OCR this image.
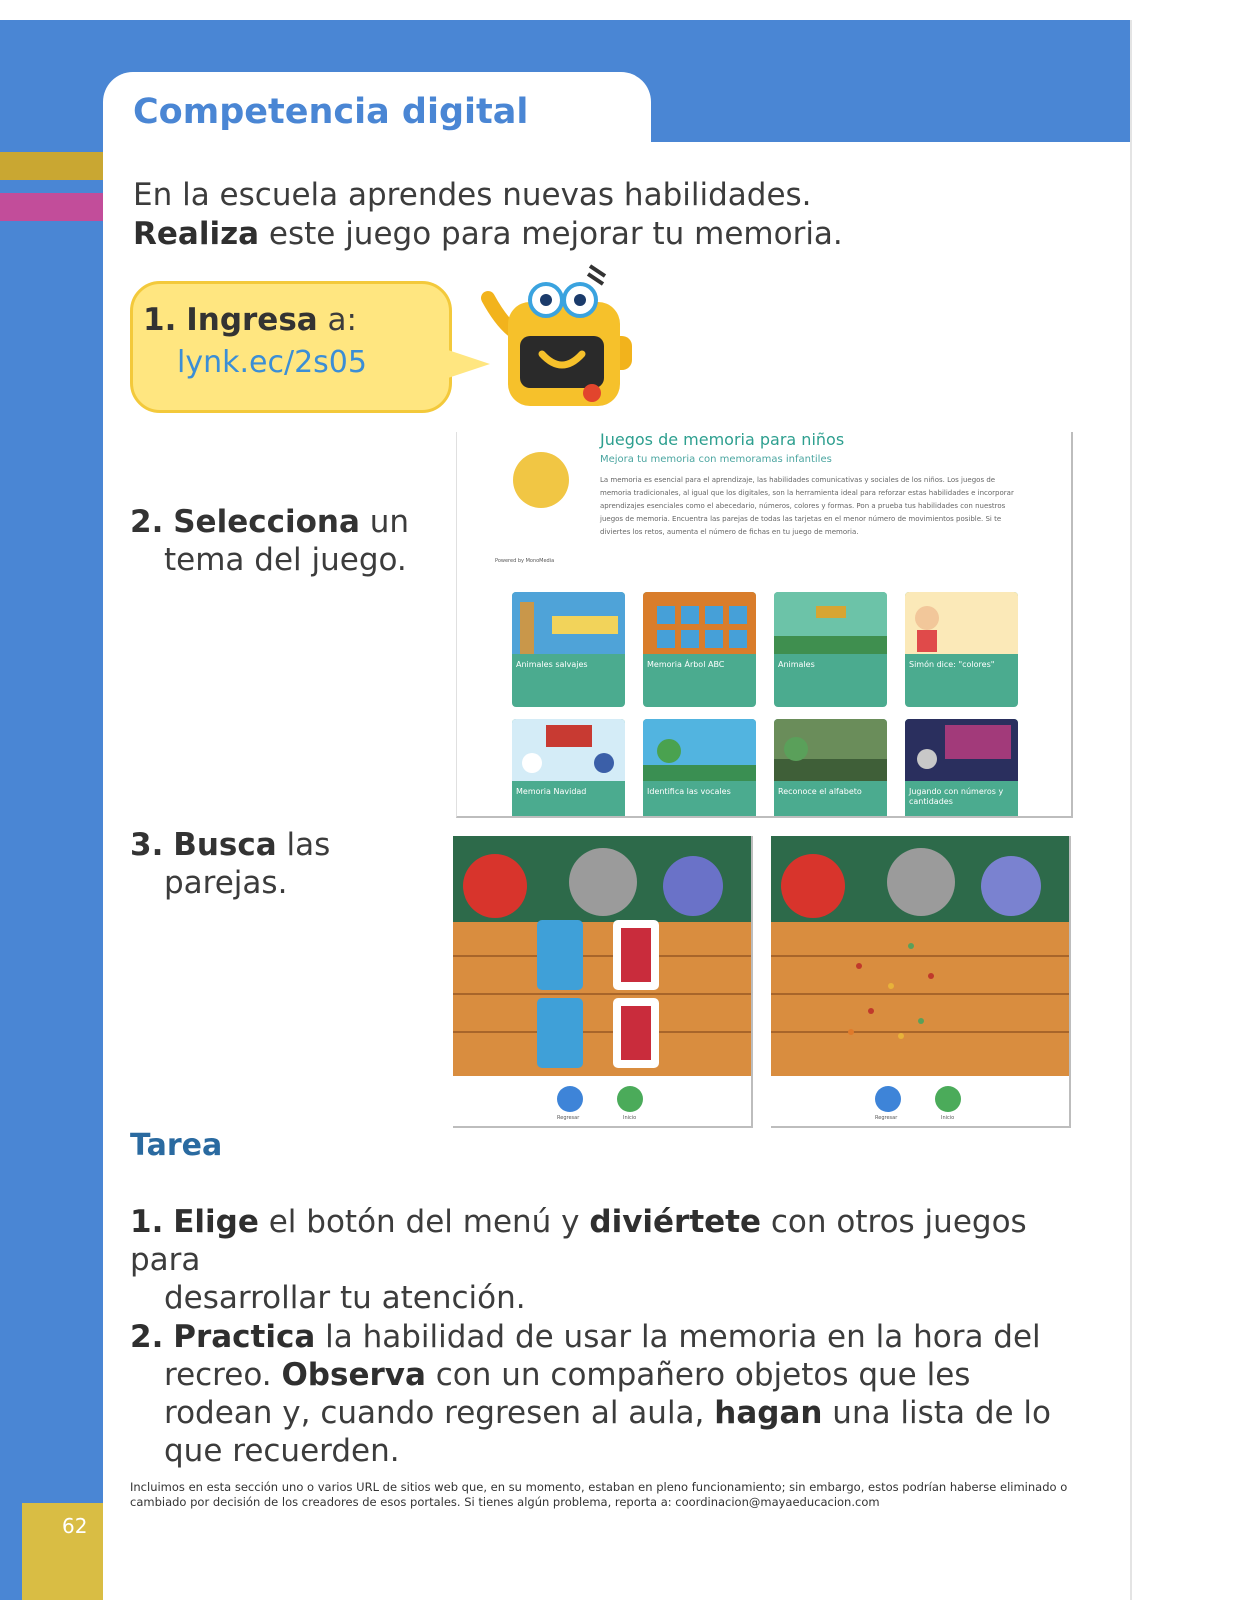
Competencia digital
62
En la escuela aprendes nuevas habilidades.
Realiza este juego para mejorar tu memoria.
1. Ingresa a:
lynk.ec/2s05
2. Selecciona un
tema del juego.
Juegos de memoria para niños
Mejora tu memoria con memoramas infantiles
La memoria es esencial para el aprendizaje, las habilidades comunicativas y sociales de los niños. Los juegos de memoria tradicionales, al igual que los digitales, son la herramienta ideal para reforzar estas habilidades e incorporar aprendizajes esenciales como el abecedario, números, colores y formas. Pon a prueba tus habilidades con nuestros juegos de memoria. Encuentra las parejas de todas las tarjetas en el menor número de movimientos posible. Si te diviertes los retos, aumenta el número de fichas en tu juego de memoria.
Powered by MonoMedia
Animales salvajes	Memoria Árbol ABC	Animales	Simón dice: "colores"
Memoria Navidad	Identifica las vocales	Reconoce el alfabeto	Jugando con números y cantidades
3. Busca las
parejas.
Regresar	Inicio	Regresar	Inicio
Tarea
1. Elige el botón del menú y diviértete con otros juegos para
desarrollar tu atención.
2. Practica la habilidad de usar la memoria en la hora del
recreo. Observa con un compañero objetos que les
rodean y, cuando regresen al aula, hagan una lista de lo
que recuerden.
Incluimos en esta sección uno o varios URL de sitios web que, en su momento, estaban en pleno funcionamiento; sin embargo, estos podrían haberse eliminado o cambiado por decisión de los creadores de esos portales. Si tienes algún problema, reporta a: coordinacion@mayaeducacion.com
